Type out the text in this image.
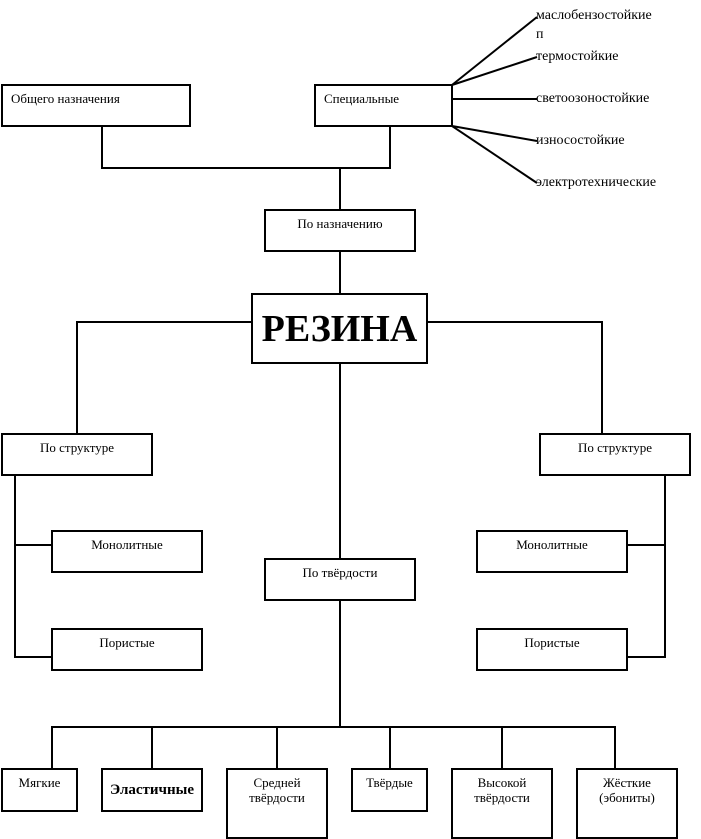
Общего назначения	Специальные
По назначению
маслобензостойкие
п
термостойкие
светоозоностойкие
износостойкие
электротехнические
РЕЗИНА
По структуре
Монолитные
Пористые
По структуре
Монолитные
Пористые
По твёрдости
Мягкие	Эластичные	Средней
твёрдости
Твёрдые	Высокой
твёрдости
Жёсткие
(эбониты)
